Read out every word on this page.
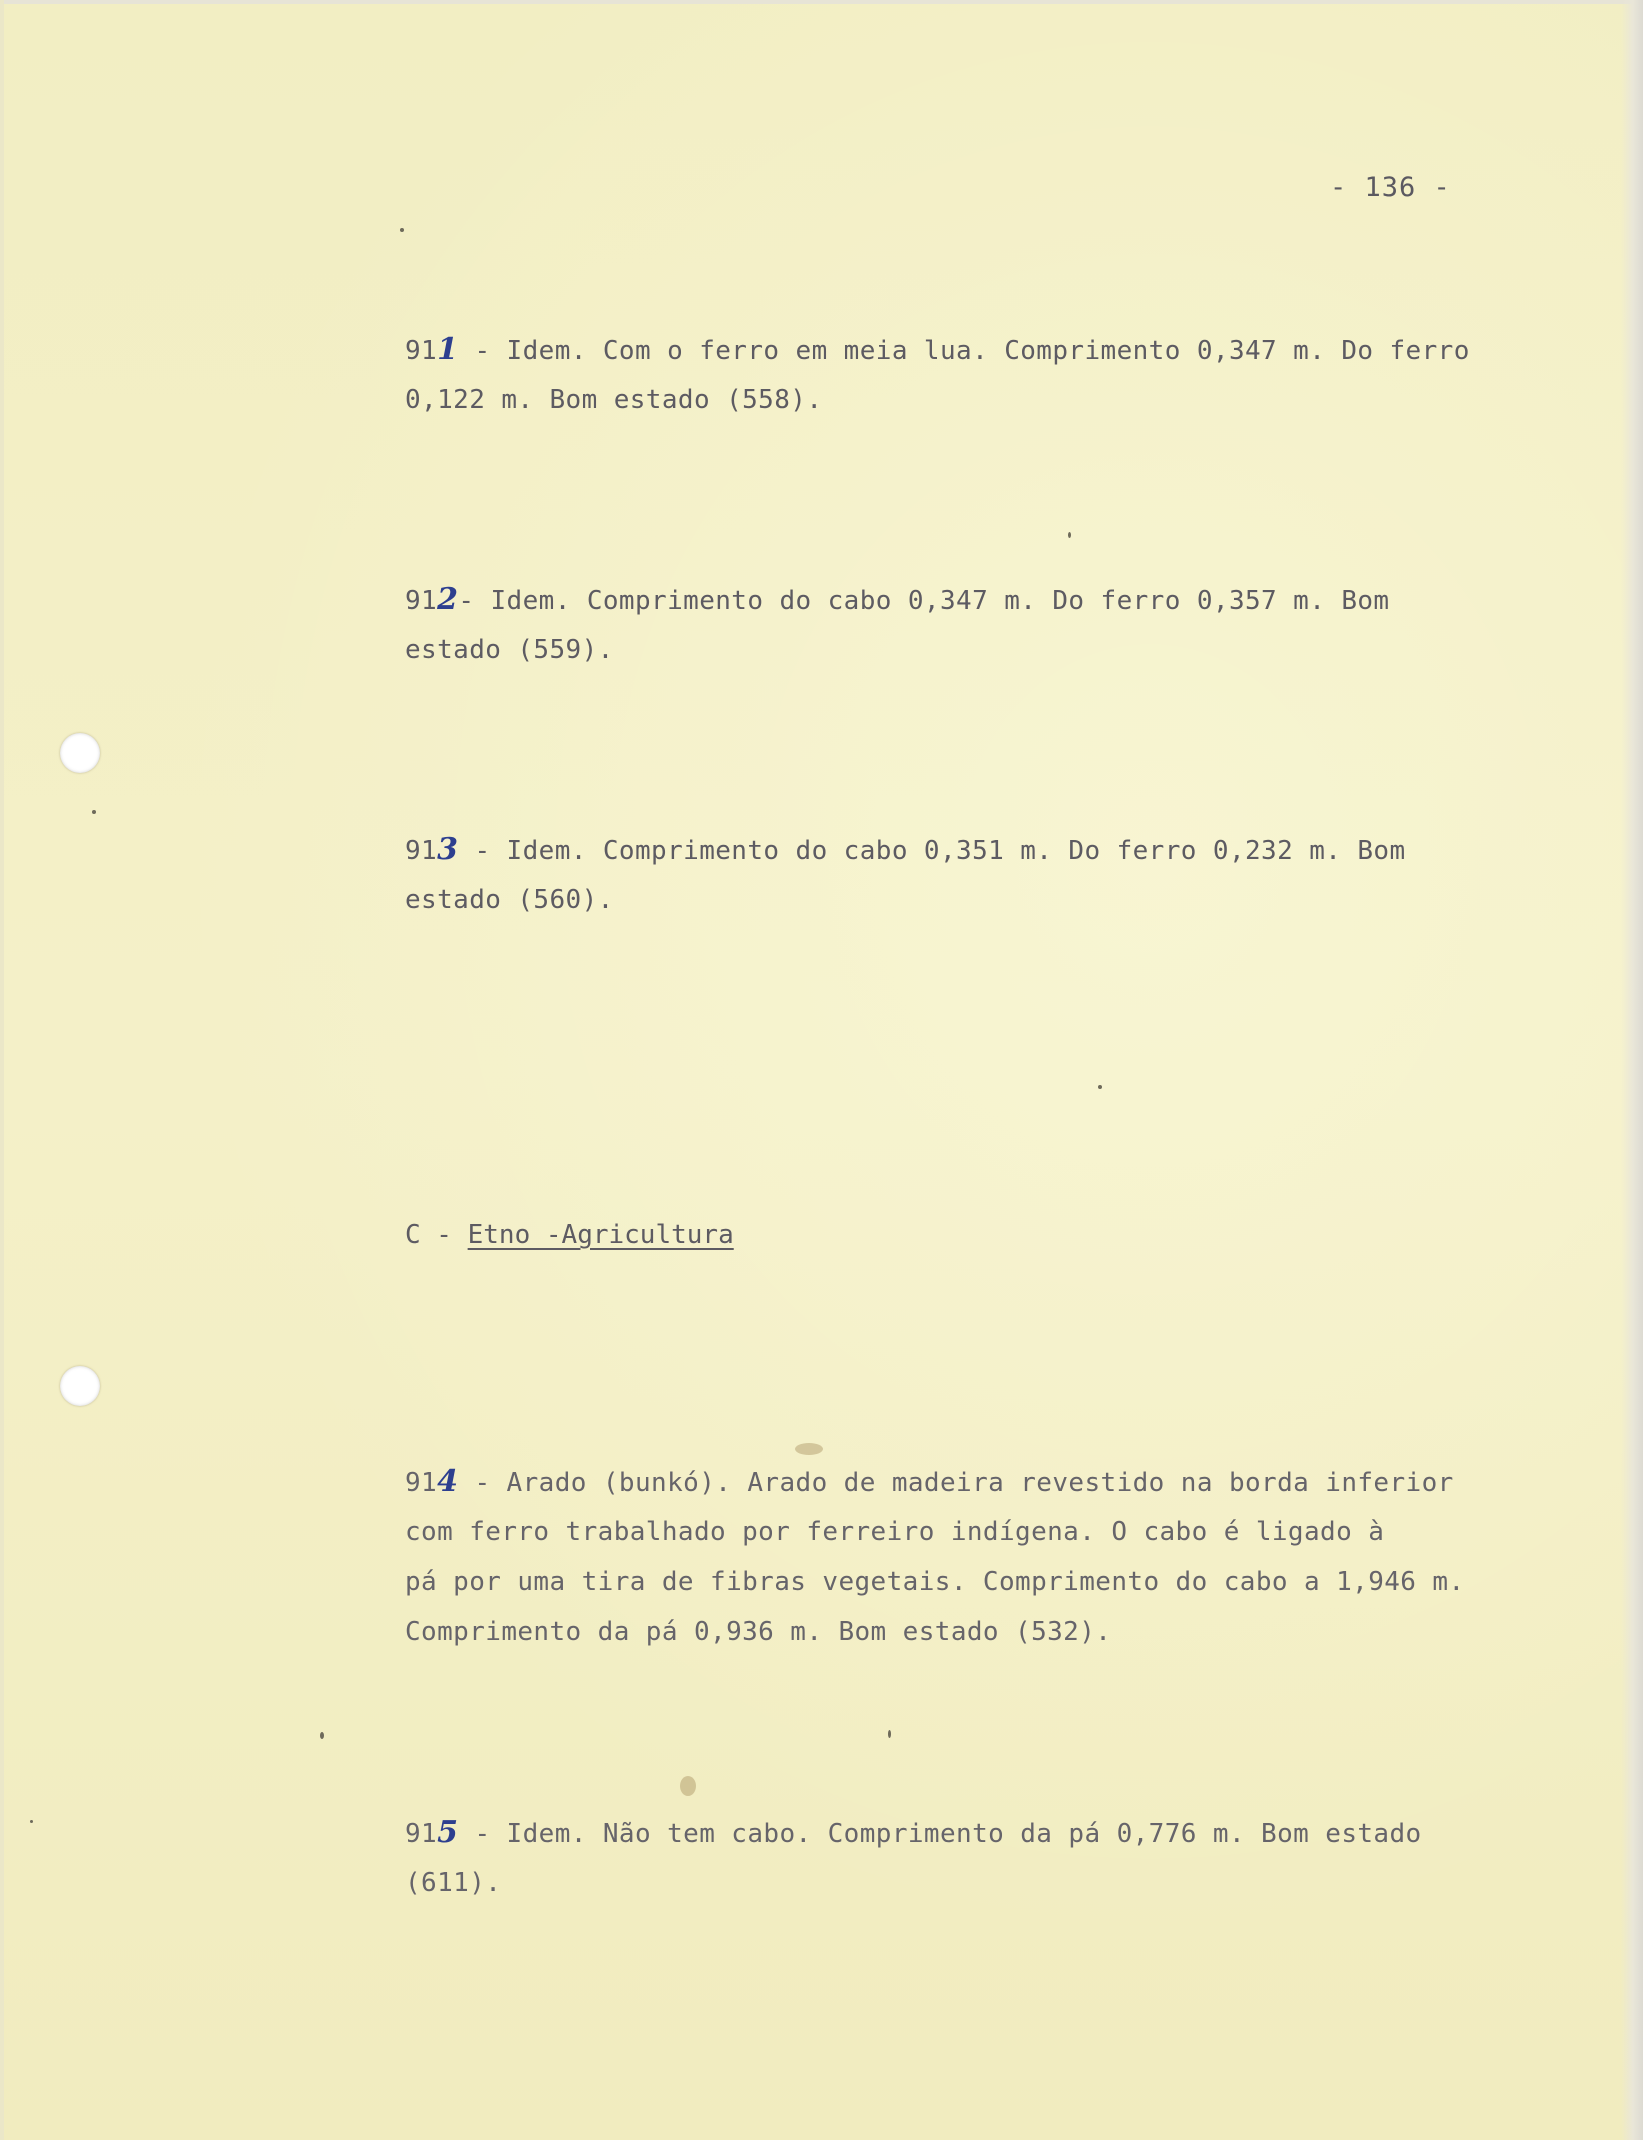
- 136 -
911 - Idem. Com o ferro em meia lua. Comprimento 0,347 m. Do ferro
0,122 m. Bom estado (558).
912- Idem. Comprimento do cabo 0,347 m. Do ferro 0,357 m. Bom
estado (559).
913 - Idem. Comprimento do cabo 0,351 m. Do ferro 0,232 m. Bom
estado (560).
C - Etno -Agricultura
914 - Arado (bunkó). Arado de madeira revestido na borda inferior
com ferro trabalhado por ferreiro indígena. O cabo é ligado à
pá por uma tira de fibras vegetais. Comprimento do cabo a 1,946 m.
Comprimento da pá 0,936 m. Bom estado (532).
915 - Idem. Não tem cabo. Comprimento da pá 0,776 m. Bom estado
(611).
